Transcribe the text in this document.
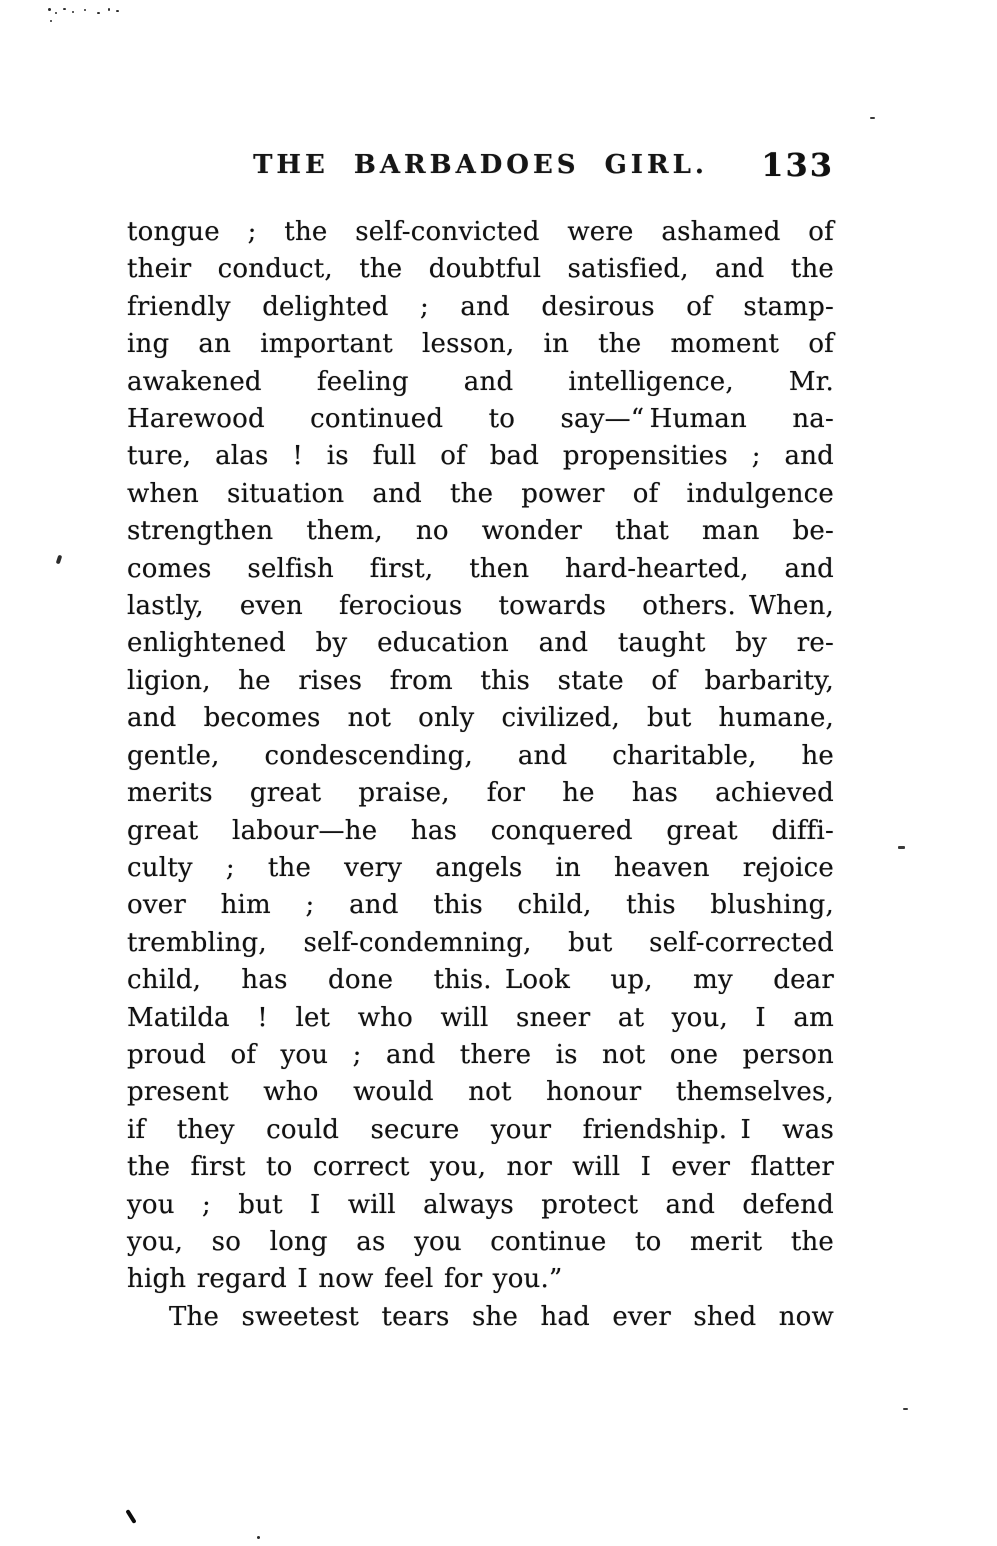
THE BARBADOES GIRL.	133
tongue ; the self-convicted were ashamed of
their conduct, the doubtful satisfied, and the
friendly delighted ; and desirous of stamp-
ing an important lesson, in the moment of
awakened feeling and intelligence, Mr.
Harewood continued to say—“ Human na-
ture, alas ! is full of bad propensities ; and
when situation and the power of indulgence
strengthen them, no wonder that man be-
comes selfish first, then hard-hearted, and
lastly, even ferocious towards others. When,
enlightened by education and taught by re-
ligion, he rises from this state of barbarity,
and becomes not only civilized, but humane,
gentle, condescending, and charitable, he
merits great praise, for he has achieved
great labour—he has conquered great diffi-
culty ; the very angels in heaven rejoice
over him ; and this child, this blushing,
trembling, self-condemning, but self-corrected
child, has done this. Look up, my dear
Matilda ! let who will sneer at you, I am
proud of you ; and there is not one person
present who would not honour themselves,
if they could secure your friendship. I was
the first to correct you, nor will I ever flatter
you ; but I will always protect and defend
you, so long as you continue to merit the
high regard I now feel for you.”
The sweetest tears she had ever shed now
